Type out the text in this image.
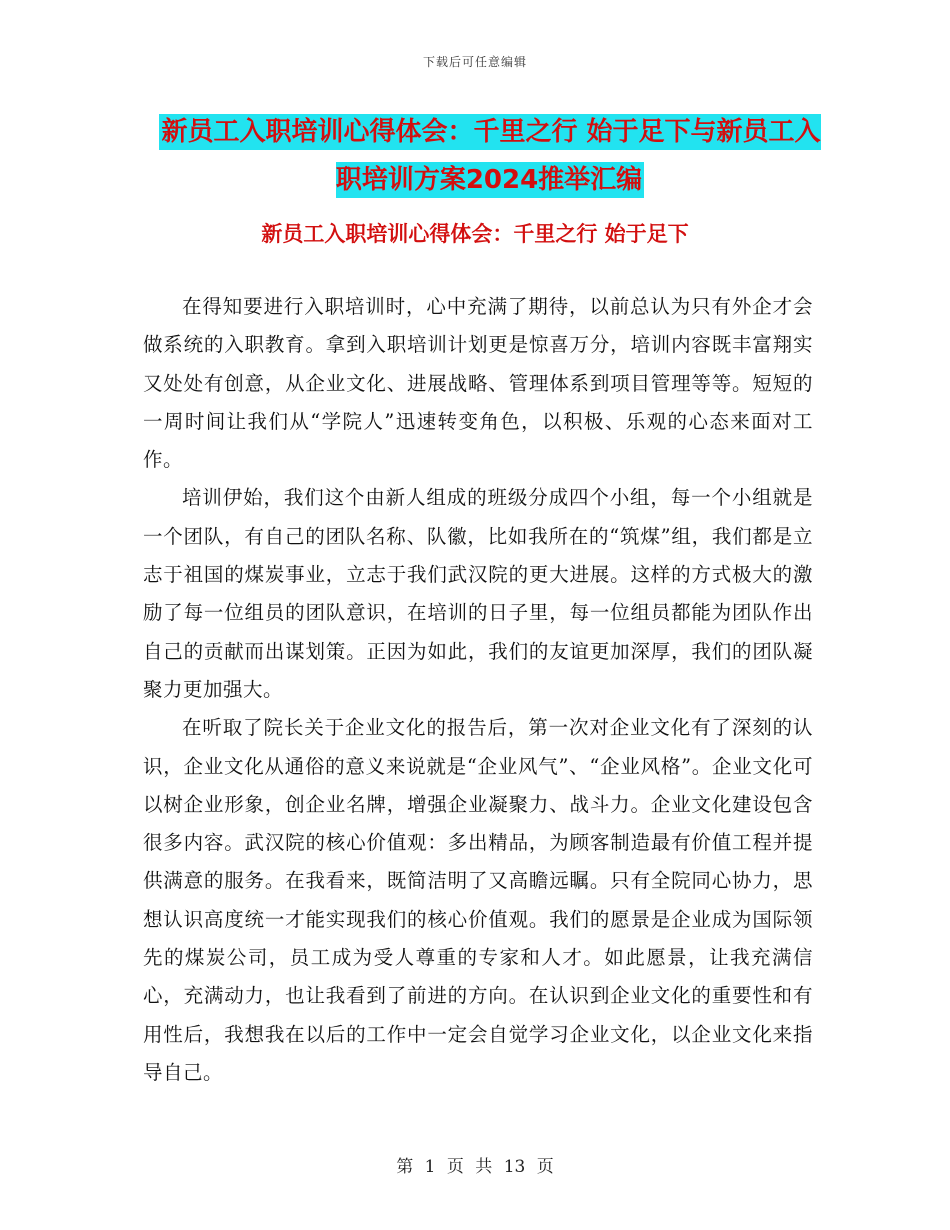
下载后可任意编辑
新员工入职培训心得体会：千里之行 始于足下与新员工入职培训方案2024推举汇编
新员工入职培训心得体会：千里之行 始于足下

在得知要进行入职培训时，心中充满了期待，以前总认为只有外企才会做系统的入职教育。拿到入职培训计划更是惊喜万分，培训内容既丰富翔实又处处有创意，从企业文化、进展战略、管理体系到项目管理等等。短短的一周时间让我们从“学院人”迅速转变角色，以积极、乐观的心态来面对工作。

培训伊始，我们这个由新人组成的班级分成四个小组，每一个小组就是一个团队，有自己的团队名称、队徽，比如我所在的“筑煤”组，我们都是立志于祖国的煤炭事业，立志于我们武汉院的更大进展。这样的方式极大的激励了每一位组员的团队意识，在培训的日子里，每一位组员都能为团队作出自己的贡献而出谋划策。正因为如此，我们的友谊更加深厚，我们的团队凝聚力更加强大。

在听取了院长关于企业文化的报告后，第一次对企业文化有了深刻的认识，企业文化从通俗的意义来说就是“企业风气”、“企业风格”。企业文化可以树企业形象，创企业名牌，增强企业凝聚力、战斗力。企业文化建设包含很多内容。武汉院的核心价值观：多出精品，为顾客制造最有价值工程并提供满意的服务。在我看来，既简洁明了又高瞻远瞩。只有全院同心协力，思想认识高度统一才能实现我们的核心价值观。我们的愿景是企业成为国际领先的煤炭公司，员工成为受人尊重的专家和人才。如此愿景，让我充满信心，充满动力，也让我看到了前进的方向。在认识到企业文化的重要性和有用性后，我想我在以后的工作中一定会自觉学习企业文化，以企业文化来指导自己。

第 1 页 共 13 页
